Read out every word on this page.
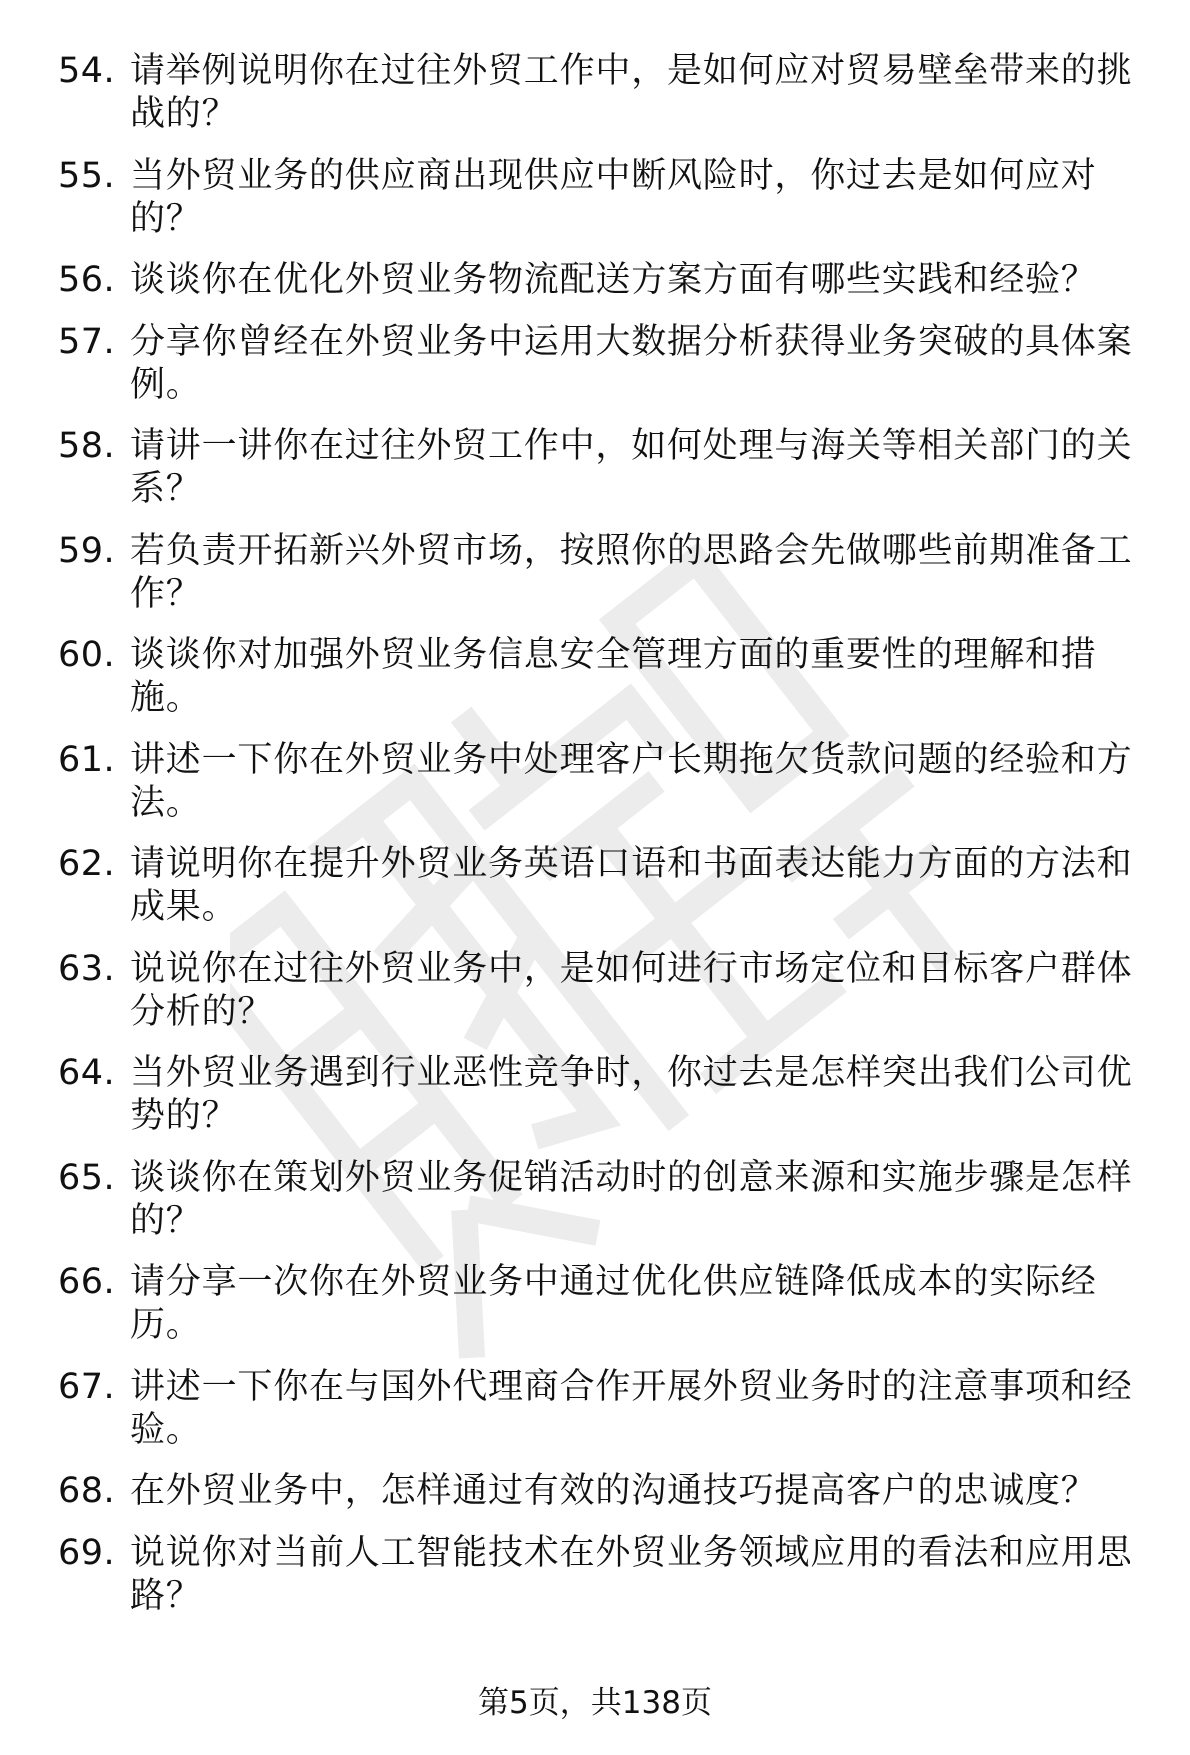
54. 请举例说明你在过往外贸工作中，是如何应对贸易壁垒带来的挑战的？
55. 当外贸业务的供应商出现供应中断风险时，你过去是如何应对的？
56. 谈谈你在优化外贸业务物流配送方案方面有哪些实践和经验？
57. 分享你曾经在外贸业务中运用大数据分析获得业务突破的具体案例。
58. 请讲一讲你在过往外贸工作中，如何处理与海关等相关部门的关系？
59. 若负责开拓新兴外贸市场，按照你的思路会先做哪些前期准备工作？
60. 谈谈你对加强外贸业务信息安全管理方面的重要性的理解和措施。
61. 讲述一下你在外贸业务中处理客户长期拖欠货款问题的经验和方法。
62. 请说明你在提升外贸业务英语口语和书面表达能力方面的方法和成果。
63. 说说你在过往外贸业务中，是如何进行市场定位和目标客户群体分析的？
64. 当外贸业务遇到行业恶性竞争时，你过去是怎样突出我们公司优势的？
65. 谈谈你在策划外贸业务促销活动时的创意来源和实施步骤是怎样的？
66. 请分享一次你在外贸业务中通过优化供应链降低成本的实际经历。
67. 讲述一下你在与国外代理商合作开展外贸业务时的注意事项和经验。
68. 在外贸业务中，怎样通过有效的沟通技巧提高客户的忠诚度？
69. 说说你对当前人工智能技术在外贸业务领域应用的看法和应用思路？
第5页，共138页
